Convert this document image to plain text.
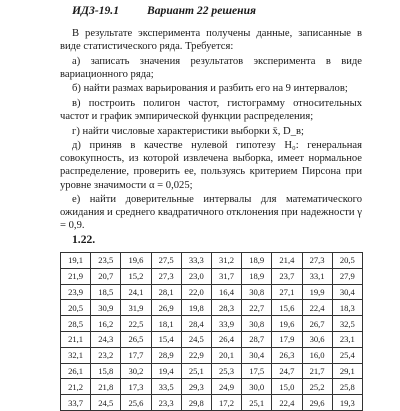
ИДЗ-19.1 Вариант 22 решения

В результате эксперимента получены данные, записанные в виде статистического ряда. Требуется:

а) записать значения результатов эксперимента в виде вариационного ряда;

б) найти размах варьирования и разбить его на 9 интервалов;

в) построить полигон частот, гистограмму относительных частот и график эмпирической функции распределения;

г) найти числовые характеристики выборки x̄, D_в;

д) приняв в качестве нулевой гипотезу H₀: генеральная совокупность, из которой извлечена выборка, имеет нормальное распределение, проверить ее, пользуясь критерием Пирсона при уровне значимости α = 0,025;

е) найти доверительные интервалы для математического ожидания и среднего квадратичного отклонения при надежности γ = 0,9.

1.22.
19,1	23,5	19,6	27,5	33,3	31,2	18,9	21,4	27,3	20,5
21,9	20,7	15,2	27,3	23,0	31,7	18,9	23,7	33,1	27,9
23,9	18,5	24,1	28,1	22,0	16,4	30,8	27,1	19,9	30,4
20,5	30,9	31,9	26,9	19,8	28,3	22,7	15,6	22,4	18,3
28,5	16,2	22,5	18,1	28,4	33,9	30,8	19,6	26,7	32,5
21,1	24,3	26,5	15,4	24,5	26,4	28,7	17,9	30,6	23,1
32,1	23,2	17,7	28,9	22,9	20,1	30,4	26,3	16,0	25,4
26,1	15,8	30,2	19,4	25,1	25,3	17,5	24,7	21,7	29,1
21,2	21,8	17,3	33,5	29,3	24,9	30,0	15,0	25,2	25,8
33,7	24,5	25,6	23,3	29,8	17,2	25,1	22,4	29,6	19,3
